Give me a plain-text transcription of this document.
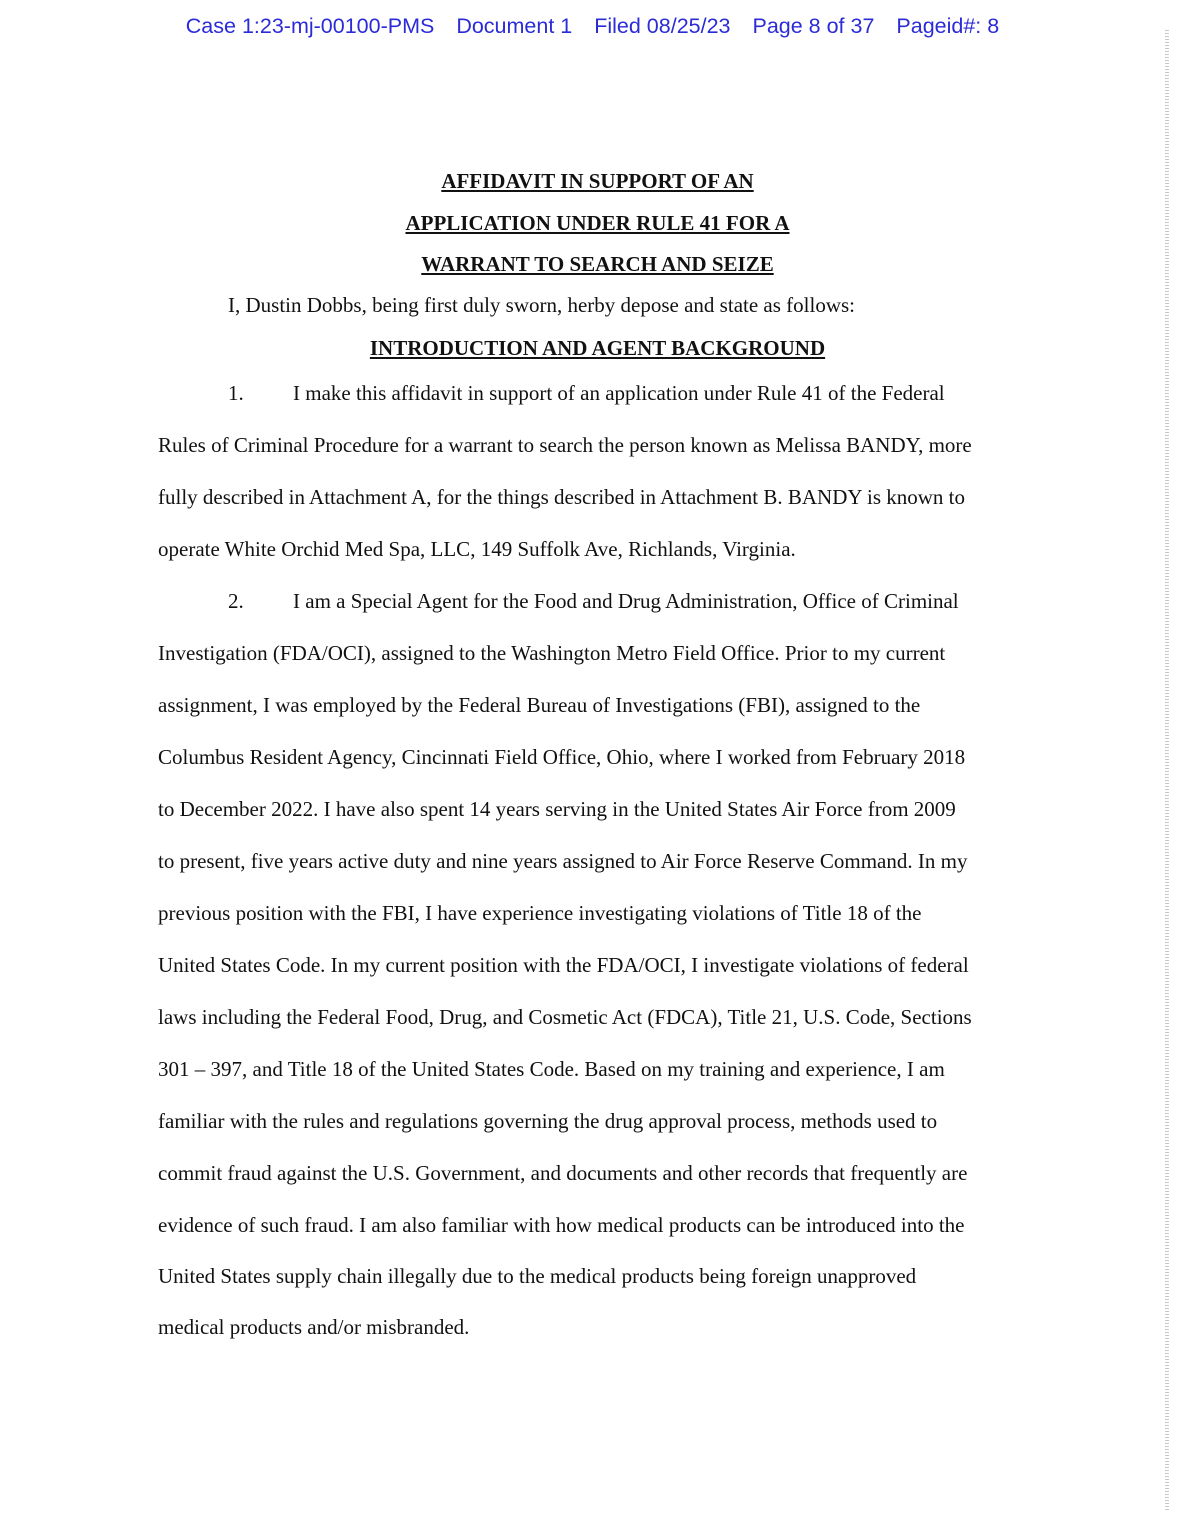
Case 1:23-mj-00100-PMS Document 1 Filed 08/25/23 Page 8 of 37 Pageid#: 8
AFFIDAVIT IN SUPPORT OF AN
APPLICATION UNDER RULE 41 FOR A
WARRANT TO SEARCH AND SEIZE
I, Dustin Dobbs, being first duly sworn, herby depose and state as follows:
INTRODUCTION AND AGENT BACKGROUND
1. I make this affidavit in support of an application under Rule 41 of the Federal
Rules of Criminal Procedure for a warrant to search the person known as Melissa BANDY, more
fully described in Attachment A, for the things described in Attachment B. BANDY is known to
operate White Orchid Med Spa, LLC, 149 Suffolk Ave, Richlands, Virginia.
2. I am a Special Agent for the Food and Drug Administration, Office of Criminal
Investigation (FDA/OCI), assigned to the Washington Metro Field Office. Prior to my current
assignment, I was employed by the Federal Bureau of Investigations (FBI), assigned to the
Columbus Resident Agency, Cincinnati Field Office, Ohio, where I worked from February 2018
to December 2022. I have also spent 14 years serving in the United States Air Force from 2009
to present, five years active duty and nine years assigned to Air Force Reserve Command. In my
previous position with the FBI, I have experience investigating violations of Title 18 of the
United States Code. In my current position with the FDA/OCI, I investigate violations of federal
laws including the Federal Food, Drug, and Cosmetic Act (FDCA), Title 21, U.S. Code, Sections
301 – 397, and Title 18 of the United States Code. Based on my training and experience, I am
familiar with the rules and regulations governing the drug approval process, methods used to
commit fraud against the U.S. Government, and documents and other records that frequently are
evidence of such fraud. I am also familiar with how medical products can be introduced into the
United States supply chain illegally due to the medical products being foreign unapproved
medical products and/or misbranded.
